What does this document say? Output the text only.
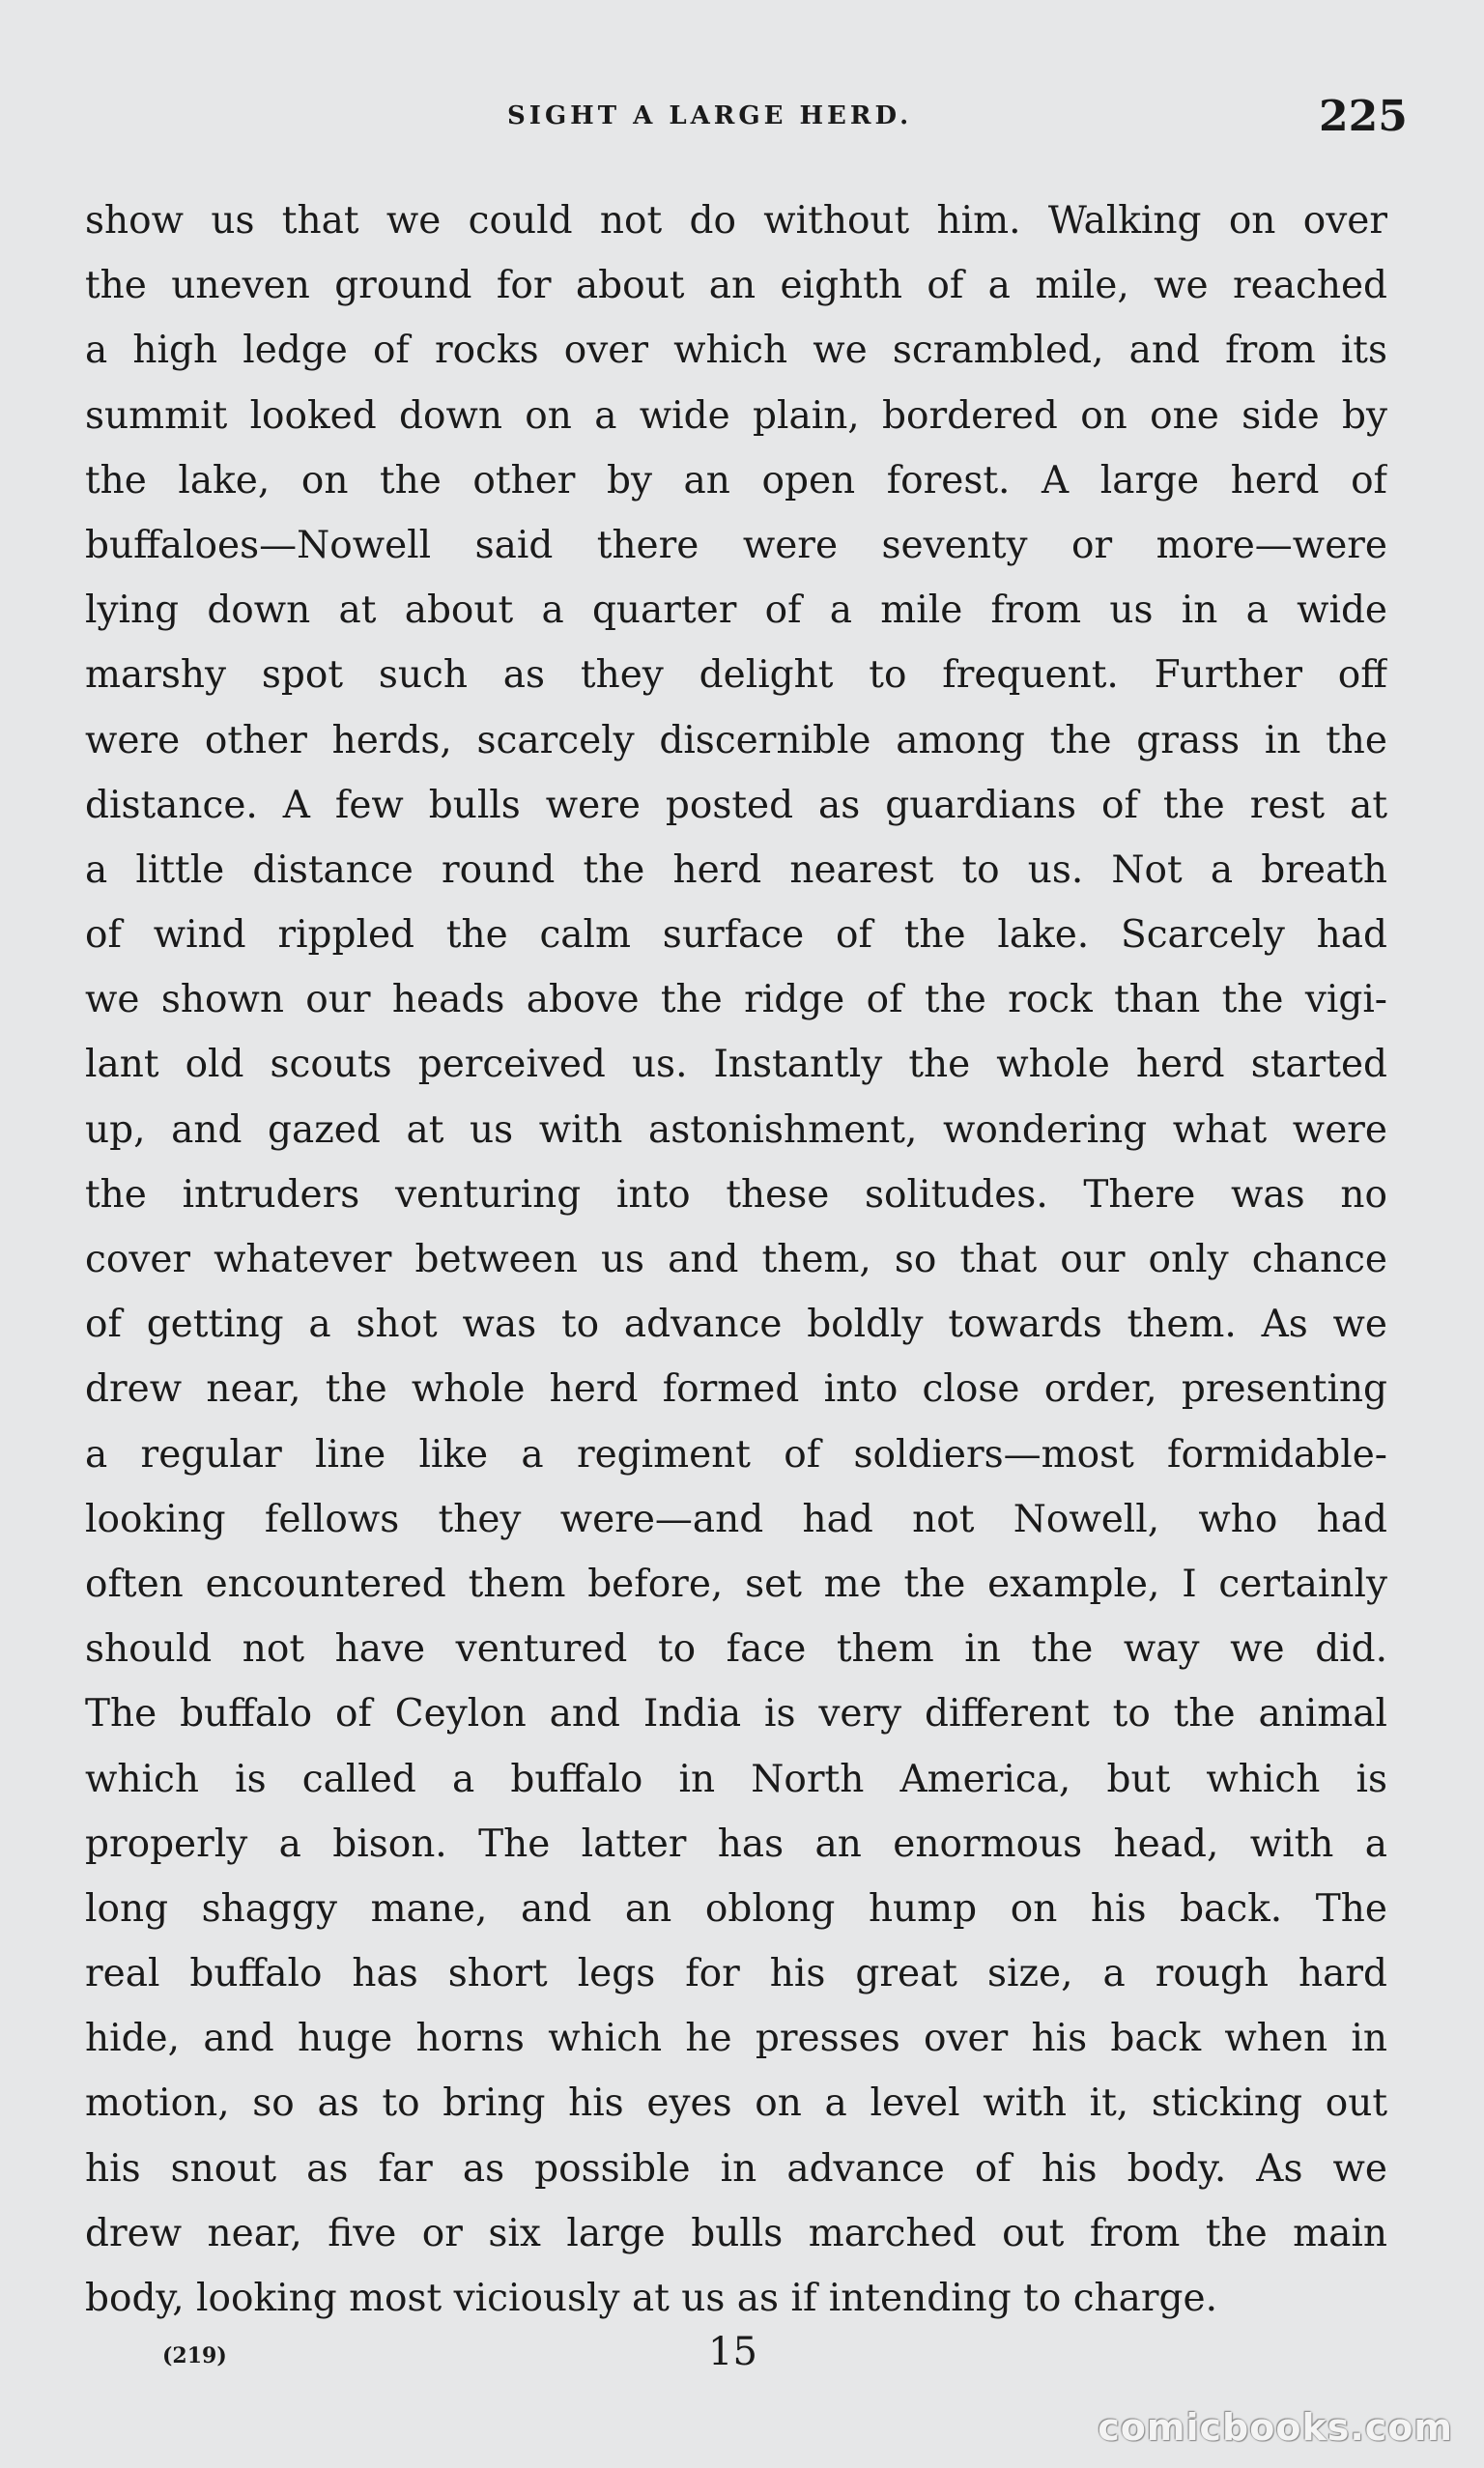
SIGHT A LARGE HERD.	225
show us that we could not do without him. Walking on over
the uneven ground for about an eighth of a mile, we reached
a high ledge of rocks over which we scrambled, and from its
summit looked down on a wide plain, bordered on one side by
the lake, on the other by an open forest. A large herd of
buffaloes—Nowell said there were seventy or more—were
lying down at about a quarter of a mile from us in a wide
marshy spot such as they delight to frequent. Further off
were other herds, scarcely discernible among the grass in the
distance. A few bulls were posted as guardians of the rest at
a little distance round the herd nearest to us. Not a breath
of wind rippled the calm surface of the lake. Scarcely had
we shown our heads above the ridge of the rock than the vigi-
lant old scouts perceived us. Instantly the whole herd started
up, and gazed at us with astonishment, wondering what were
the intruders venturing into these solitudes. There was no
cover whatever between us and them, so that our only chance
of getting a shot was to advance boldly towards them. As we
drew near, the whole herd formed into close order, presenting
a regular line like a regiment of soldiers—most formidable-
looking fellows they were—and had not Nowell, who had
often encountered them before, set me the example, I certainly
should not have ventured to face them in the way we did.
The buffalo of Ceylon and India is very different to the animal
which is called a buffalo in North America, but which is
properly a bison. The latter has an enormous head, with a
long shaggy mane, and an oblong hump on his back. The
real buffalo has short legs for his great size, a rough hard
hide, and huge horns which he presses over his back when in
motion, so as to bring his eyes on a level with it, sticking out
his snout as far as possible in advance of his body. As we
drew near, five or six large bulls marched out from the main
body, looking most viciously at us as if intending to charge.
(219)	15
comicbooks.com
